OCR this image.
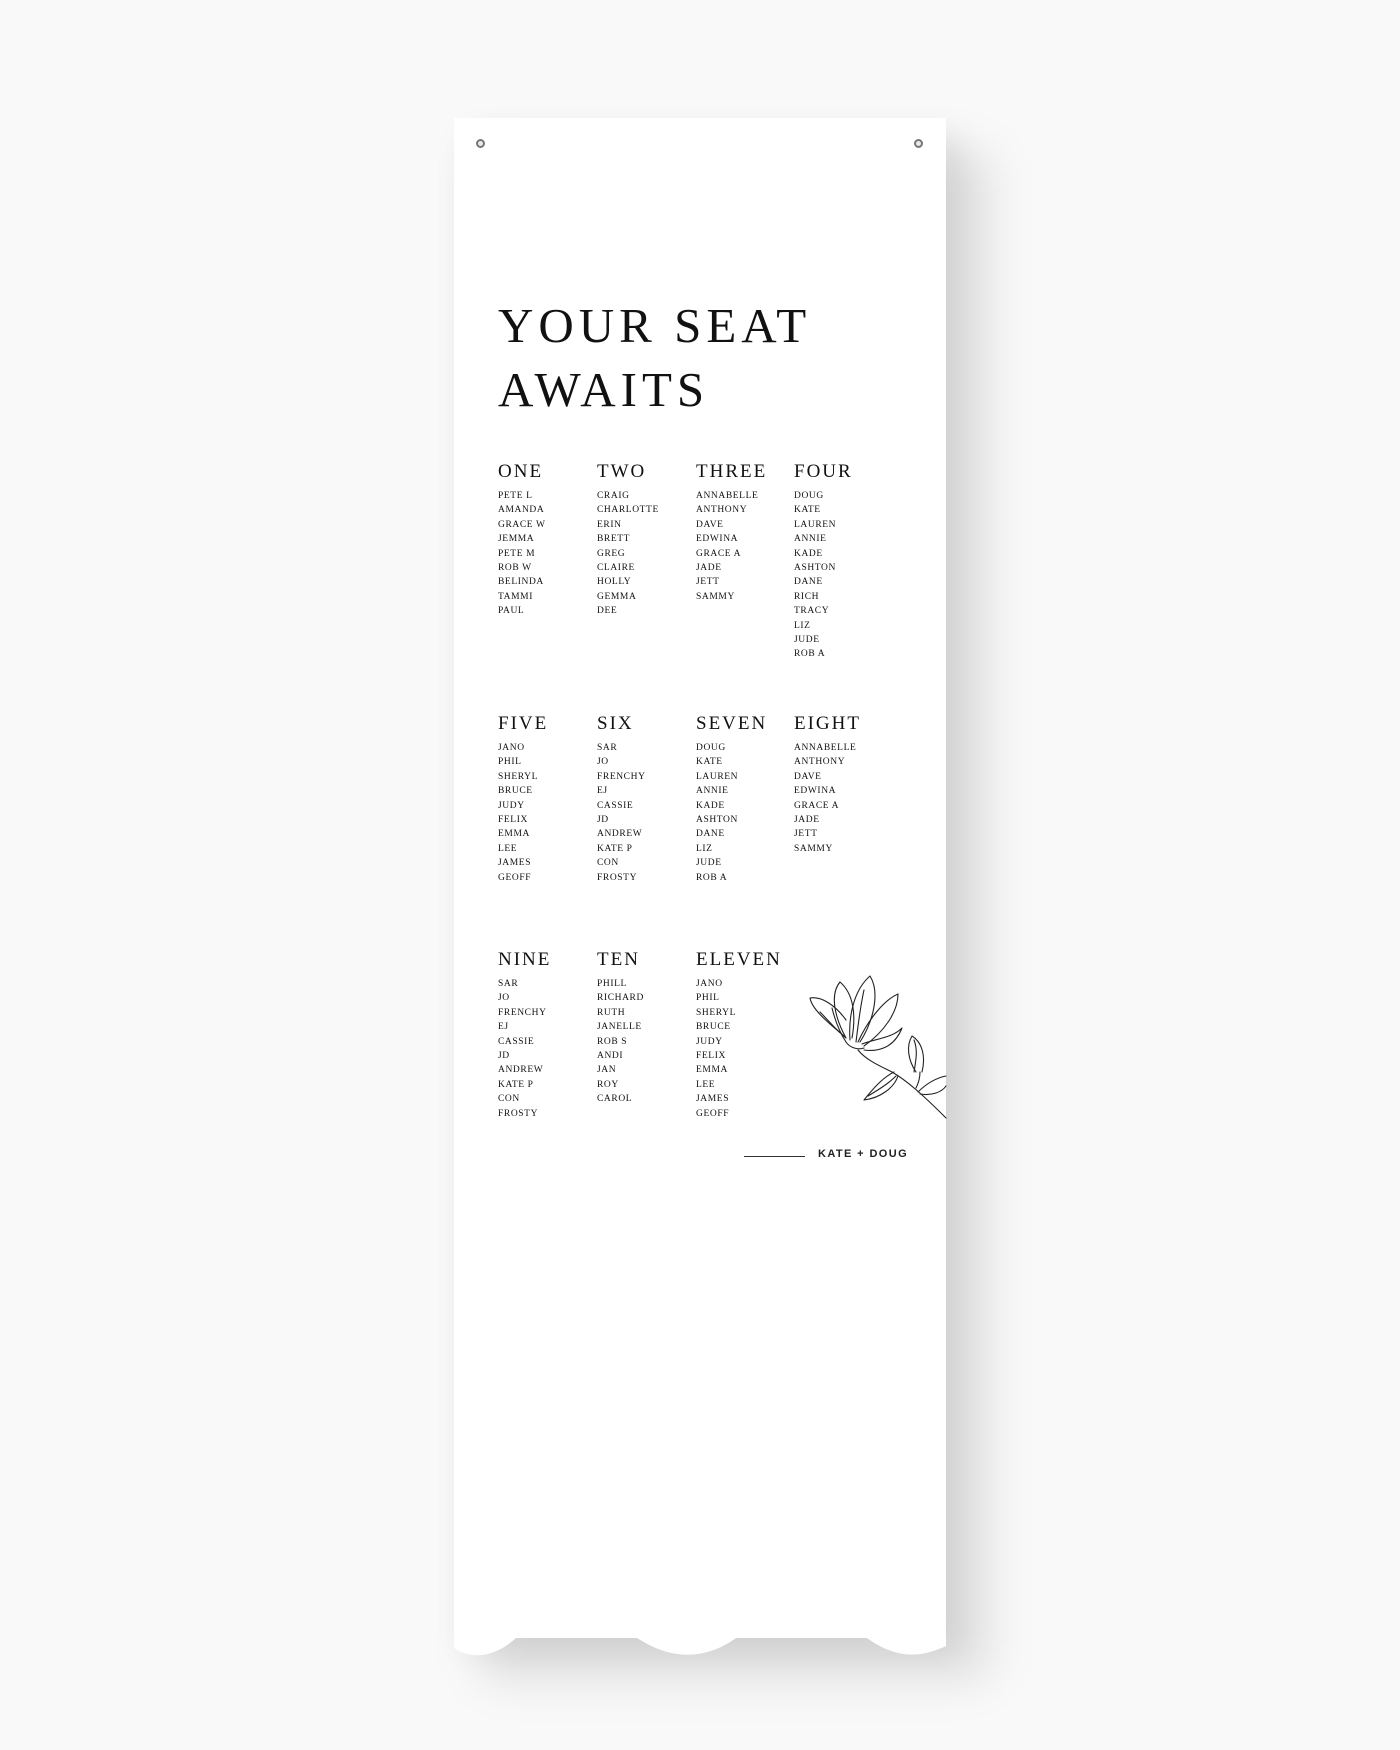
YOUR SEAT
AWAITS
ONE
PETE L
AMANDA
GRACE W
JEMMA
PETE M
ROB W
BELINDA
TAMMI
PAUL
TWO
CRAIG
CHARLOTTE
ERIN
BRETT
GREG
CLAIRE
HOLLY
GEMMA
DEE
THREE
ANNABELLE
ANTHONY
DAVE
EDWINA
GRACE A
JADE
JETT
SAMMY
FOUR
DOUG
KATE
LAUREN
ANNIE
KADE
ASHTON
DANE
RICH
TRACY
LIZ
JUDE
ROB A
FIVE
JANO
PHIL
SHERYL
BRUCE
JUDY
FELIX
EMMA
LEE
JAMES
GEOFF
SIX
SAR
JO
FRENCHY
EJ
CASSIE
JD
ANDREW
KATE P
CON
FROSTY
SEVEN
DOUG
KATE
LAUREN
ANNIE
KADE
ASHTON
DANE
LIZ
JUDE
ROB A
EIGHT
ANNABELLE
ANTHONY
DAVE
EDWINA
GRACE A
JADE
JETT
SAMMY
NINE
SAR
JO
FRENCHY
EJ
CASSIE
JD
ANDREW
KATE P
CON
FROSTY
TEN
PHILL
RICHARD
RUTH
JANELLE
ROB S
ANDI
JAN
ROY
CAROL
ELEVEN
JANO
PHIL
SHERYL
BRUCE
JUDY
FELIX
EMMA
LEE
JAMES
GEOFF
KATE + DOUG
